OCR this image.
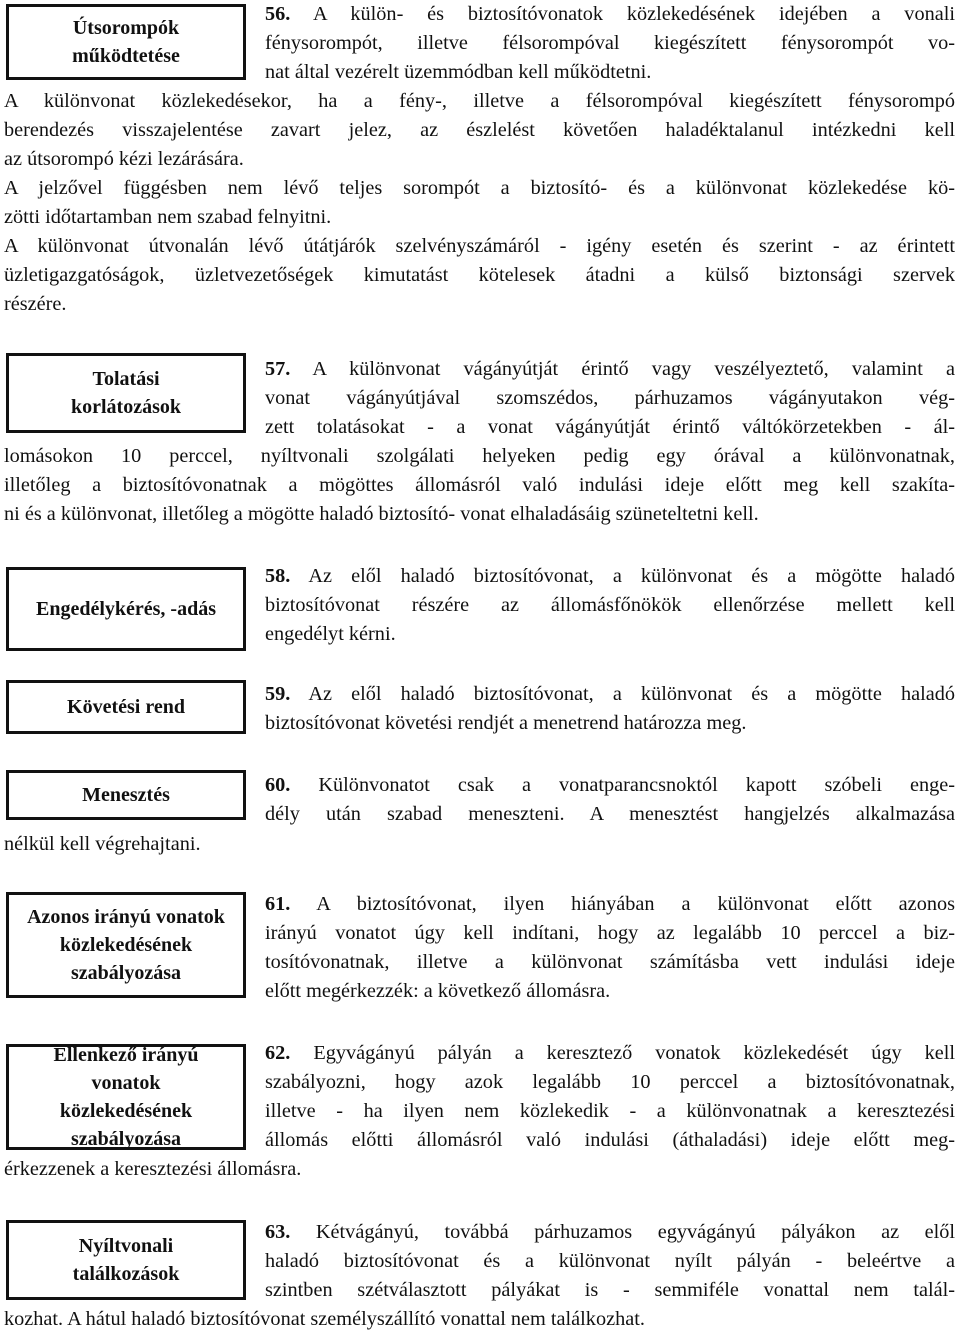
Útsorompók működtetése
Tolatási korlátozások
Engedélykérés, -adás
Követési rend
Menesztés
Azonos irányú vonatok közlekedésének szabályozása
Ellenkező irányú vonatok közlekedésének szabályozása
Nyíltvonali találkozások
56. A külön- és biztosítóvonatok közlekedésének idejében a vonali
fénysorompót, illetve félsorompóval kiegészített fénysorompót vo-
nat által vezérelt üzemmódban kell működtetni.
A különvonat közlekedésekor, ha a fény-, illetve a félsorompóval kiegészített fénysorompó
berendezés visszajelentése zavart jelez, az észlelést követően haladéktalanul intézkedni kell
az útsorompó kézi lezárására.
A jelzővel függésben nem lévő teljes sorompót a biztosító- és a különvonat közlekedése kö-
zötti időtartamban nem szabad felnyitni.
A különvonat útvonalán lévő útátjárók szelvényszámáról - igény esetén és szerint - az érintett
üzletigazgatóságok, üzletvezetőségek kimutatást kötelesek átadni a külső biztonsági szervek
részére.
57. A különvonat vágányútját érintő vagy veszélyeztető, valamint a
vonat vágányútjával szomszédos, párhuzamos vágányutakon vég-
zett tolatásokat - a vonat vágányútját érintő váltókörzetekben - ál-
lomásokon 10 perccel, nyíltvonali szolgálati helyeken pedig egy órával a különvonatnak,
illetőleg a biztosítóvonatnak a mögöttes állomásról való indulási ideje előtt meg kell szakíta-
ni és a különvonat, illetőleg a mögötte haladó biztosító- vonat elhaladásáig szüneteltetni kell.
58. Az elől haladó biztosítóvonat, a különvonat és a mögötte haladó
biztosítóvonat részére az állomásfőnökök ellenőrzése mellett kell
engedélyt kérni.
59. Az elől haladó biztosítóvonat, a különvonat és a mögötte haladó
biztosítóvonat követési rendjét a menetrend határozza meg.
60. Különvonatot csak a vonatparancsnoktól kapott szóbeli enge-
dély után szabad meneszteni. A menesztést hangjelzés alkalmazása
nélkül kell végrehajtani.
61. A biztosítóvonat, ilyen hiányában a különvonat előtt azonos
irányú vonatot úgy kell indítani, hogy az legalább 10 perccel a biz-
tosítóvonatnak, illetve a különvonat számításba vett indulási ideje
előtt megérkezzék: a következő állomásra.
62. Egyvágányú pályán a keresztező vonatok közlekedését úgy kell
szabályozni, hogy azok legalább 10 perccel a biztosítóvonatnak,
illetve - ha ilyen nem közlekedik - a különvonatnak a keresztezési
állomás előtti állomásról való indulási (áthaladási) ideje előtt meg-
érkezzenek a keresztezési állomásra.
63. Kétvágányú, továbbá párhuzamos egyvágányú pályákon az elől
haladó biztosítóvonat és a különvonat nyílt pályán - beleértve a
szintben szétválasztott pályákat is - semmiféle vonattal nem talál-
kozhat. A hátul haladó biztosítóvonat személyszállító vonattal nem találkozhat.
